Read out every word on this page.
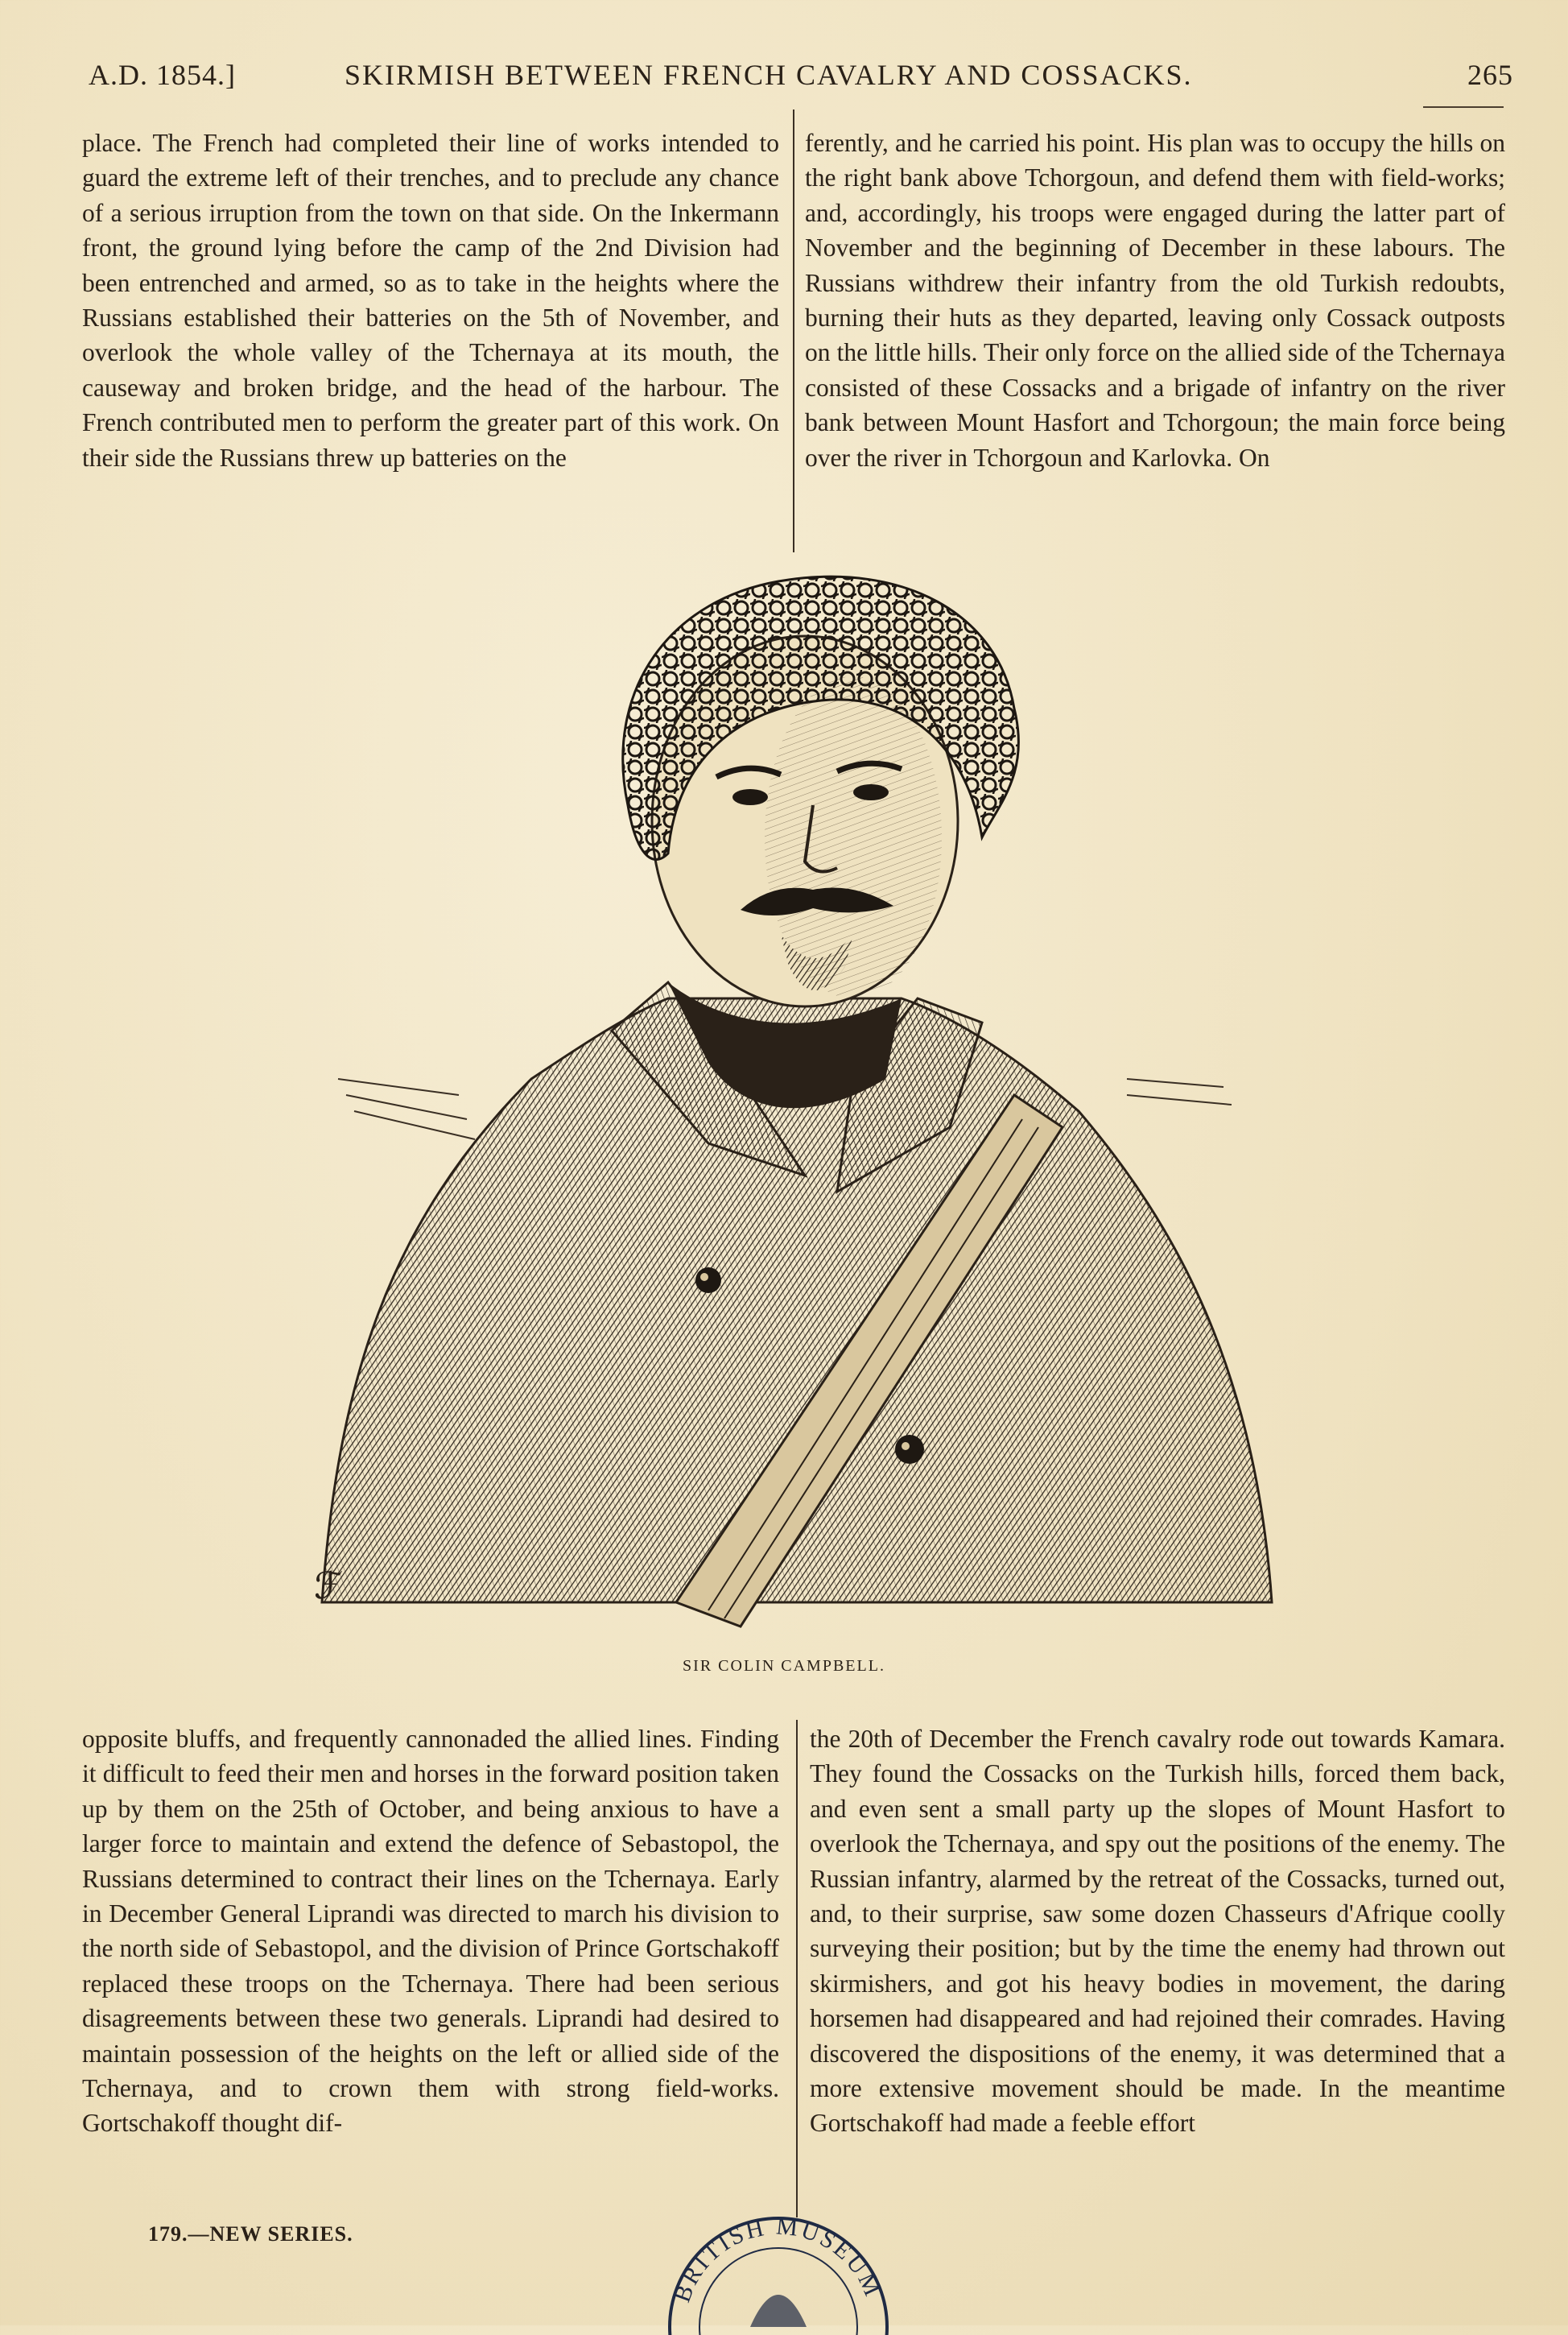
A.D. 1854.]	SKIRMISH BETWEEN FRENCH CAVALRY AND COSSACKS.	265

place. The French had completed their line of works intended to guard the extreme left of their trenches, and to preclude any chance of a serious irruption from the town on that side. On the Inkermann front, the ground lying before the camp of the 2nd Division had been entrenched and armed, so as to take in the heights where the Russians established their batteries on the 5th of November, and overlook the whole valley of the Tchernaya at its mouth, the causeway and broken bridge, and the head of the harbour. The French contributed men to perform the greater part of this work. On their side the Russians threw up batteries on the

ferently, and he carried his point. His plan was to occupy the hills on the right bank above Tchorgoun, and defend them with field-works; and, accordingly, his troops were engaged during the latter part of November and the beginning of December in these labours. The Russians withdrew their infantry from the old Turkish redoubts, burning their huts as they departed, leaving only Cossack outposts on the little hills. Their only force on the allied side of the Tchernaya consisted of these Cossacks and a brigade of infantry on the river bank between Mount Hasfort and Tchorgoun; the main force being over the river in Tchorgoun and Karlovka. On

ℱ
SIR COLIN CAMPBELL.

opposite bluffs, and frequently cannonaded the allied lines. Finding it difficult to feed their men and horses in the forward position taken up by them on the 25th of October, and being anxious to have a larger force to maintain and extend the defence of Sebastopol, the Russians determined to contract their lines on the Tchernaya. Early in December General Liprandi was directed to march his division to the north side of Sebastopol, and the division of Prince Gortschakoff replaced these troops on the Tchernaya. There had been serious disagreements between these two generals. Liprandi had desired to maintain possession of the heights on the left or allied side of the Tchernaya, and to crown them with strong field-works. Gortschakoff thought dif-

the 20th of December the French cavalry rode out towards Kamara. They found the Cossacks on the Turkish hills, forced them back, and even sent a small party up the slopes of Mount Hasfort to overlook the Tchernaya, and spy out the positions of the enemy. The Russian infantry, alarmed by the retreat of the Cossacks, turned out, and, to their surprise, saw some dozen Chasseurs d'Afrique coolly surveying their position; but by the time the enemy had thrown out skirmishers, and got his heavy bodies in movement, the daring horsemen had disappeared and had rejoined their comrades. Having discovered the dispositions of the enemy, it was determined that a more extensive movement should be made. In the meantime Gortschakoff had made a feeble effort

179.—NEW SERIES.
BRITISH MUSEUM
